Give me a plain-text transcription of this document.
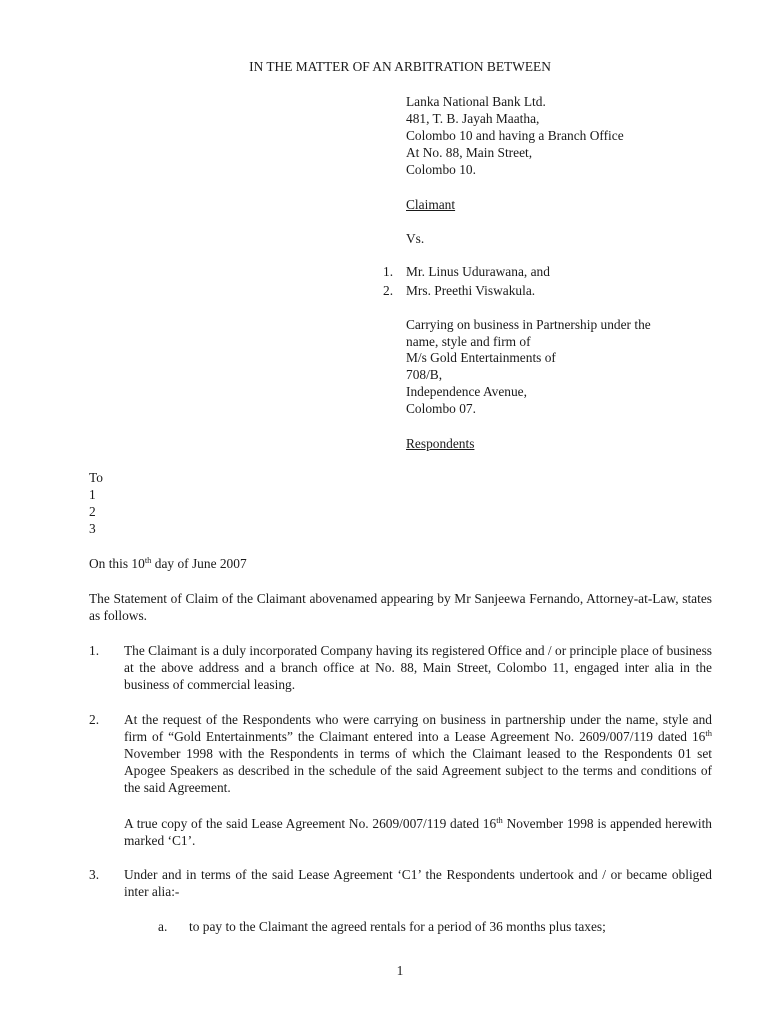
IN THE MATTER OF AN ARBITRATION BETWEEN
Lanka National Bank Ltd.
481, T. B. Jayah Maatha,
Colombo 10 and having a Branch Office
At No. 88, Main Street,
Colombo 10.
Claimant
Vs.
1. Mr. Linus Udurawana, and
2. Mrs. Preethi Viswakula.
Carrying on business in Partnership under the
name, style and firm of
M/s Gold Entertainments of
708/B,
Independence Avenue,
Colombo 07.
Respondents
To
1
2
3
On this 10th day of June 2007
The Statement of Claim of the Claimant abovenamed appearing by Mr Sanjeewa Fernando, Attorney-at-Law, states as follows.
1. The Claimant is a duly incorporated Company having its registered Office and / or principle place of business at the above address and a branch office at No. 88, Main Street, Colombo 11, engaged inter alia in the business of commercial leasing.
2. At the request of the Respondents who were carrying on business in partnership under the name, style and firm of “Gold Entertainments” the Claimant entered into a Lease Agreement No. 2609/007/119 dated 16th November 1998 with the Respondents in terms of which the Claimant leased to the Respondents 01 set Apogee Speakers as described in the schedule of the said Agreement subject to the terms and conditions of the said Agreement.
A true copy of the said Lease Agreement No. 2609/007/119 dated 16th November 1998 is appended herewith marked ‘C1’.
3. Under and in terms of the said Lease Agreement ‘C1’ the Respondents undertook and / or became obliged inter alia:-
a. to pay to the Claimant the agreed rentals for a period of 36 months plus taxes;
1
